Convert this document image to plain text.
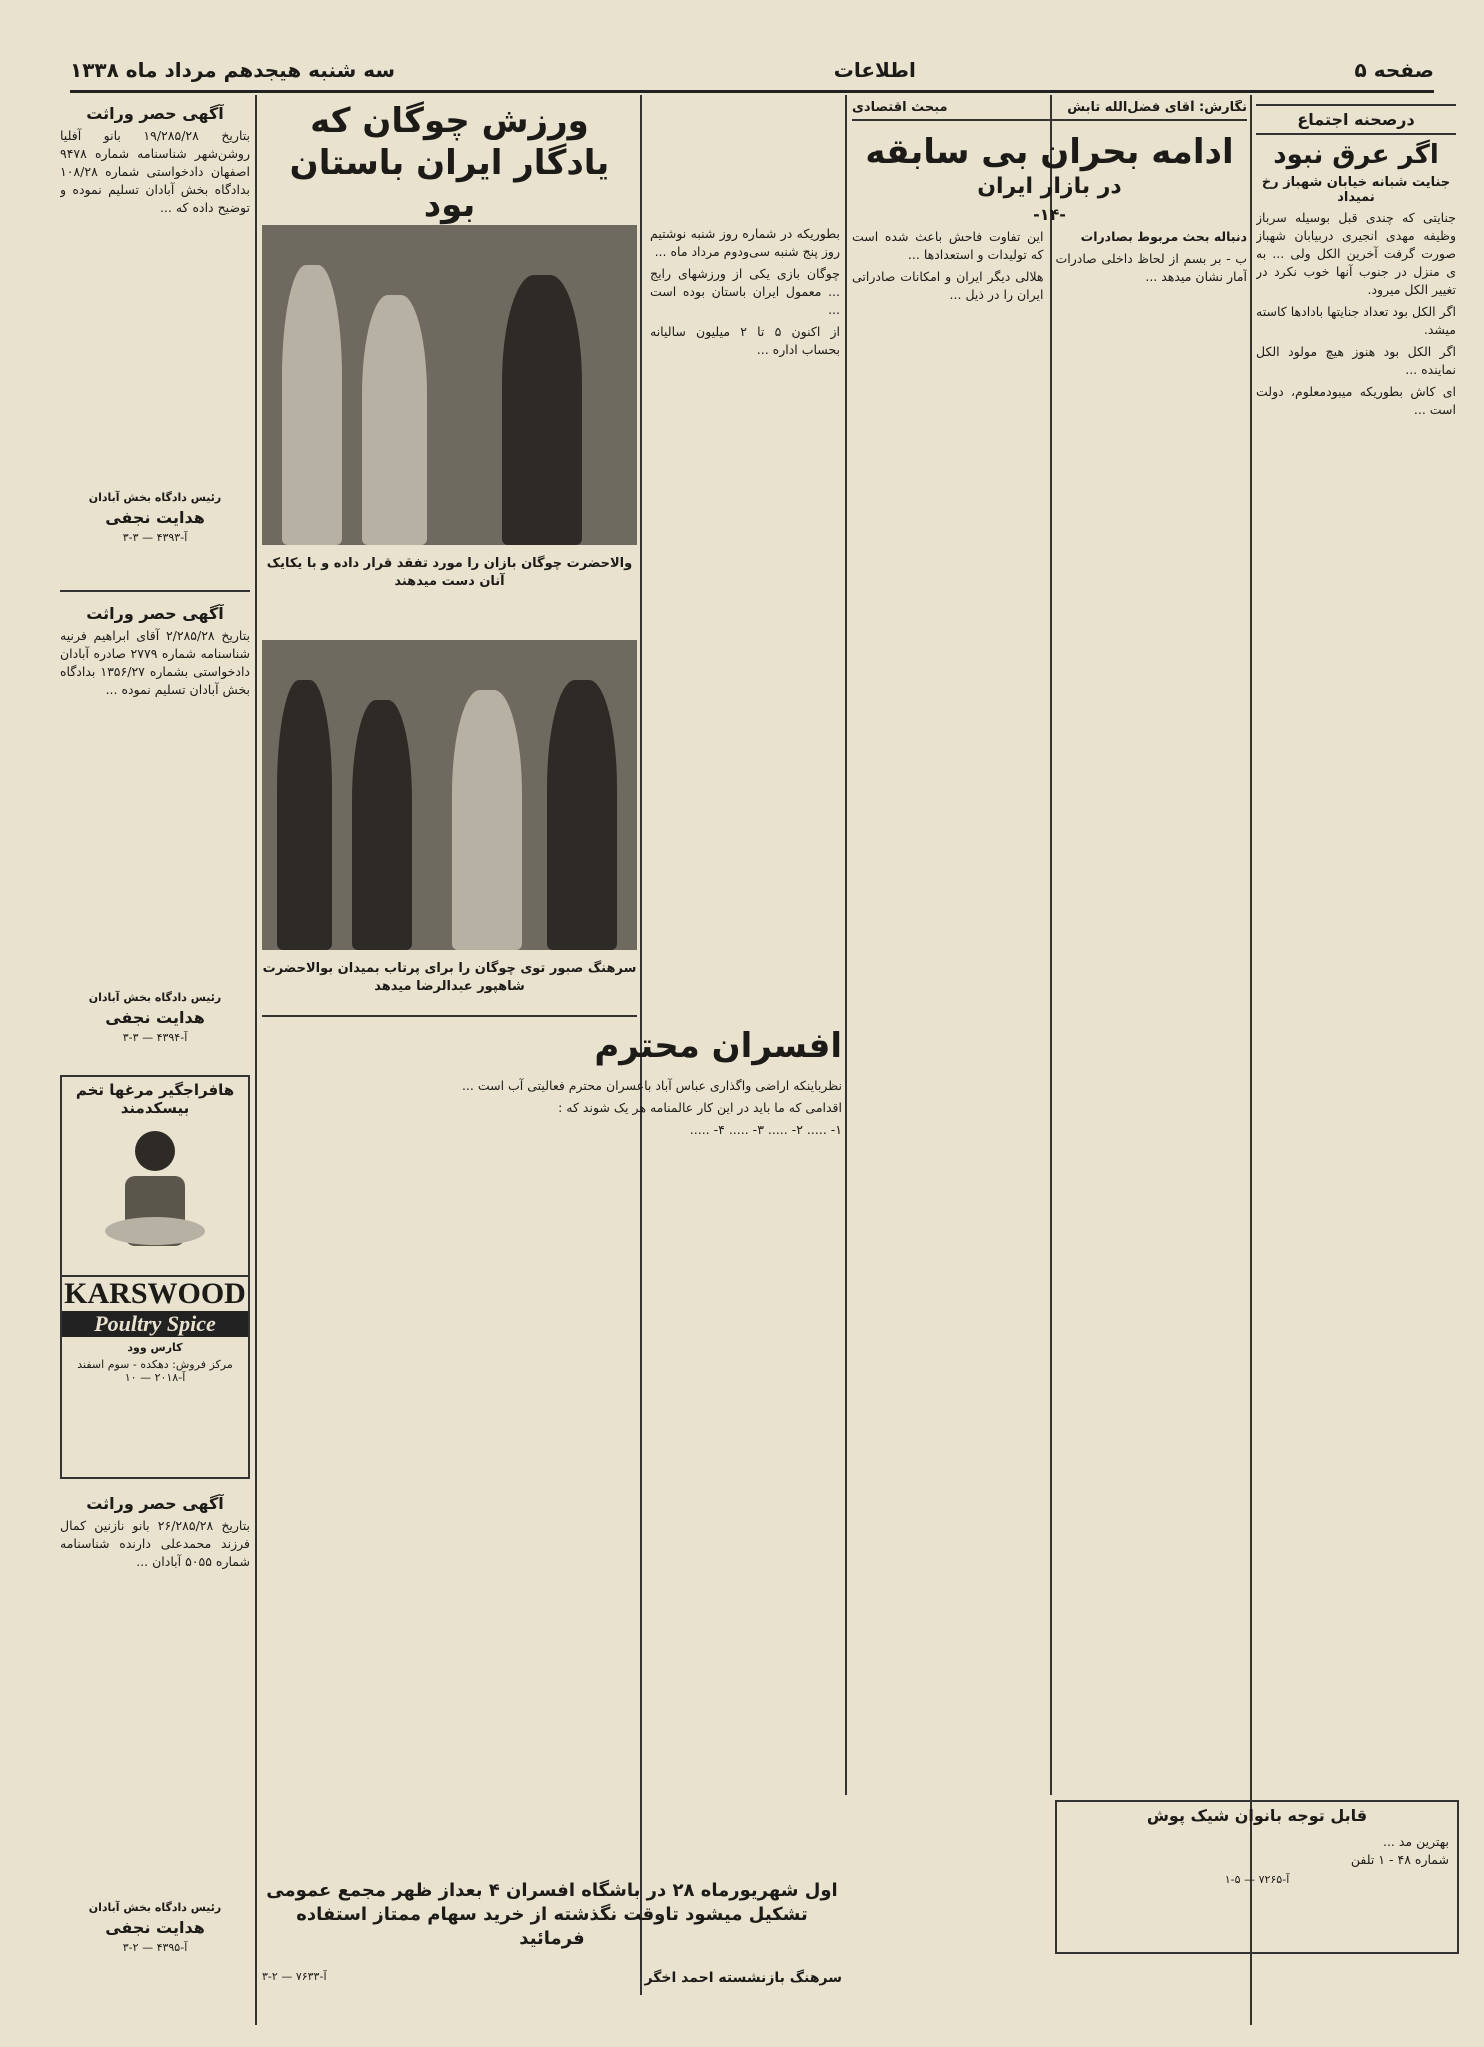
صفحه ۵
اطلاعات
سه شنبه هیجدهم مرداد ماه ۱۳۳۸
درصحنه اجتماع
اگر عرق نبود
جنایت شبانه خیابان شهباز رخ نمیداد

جنایتی که چندی قبل بوسیله سرباز وظیفه مهدی انجیری دربیابان شهباز صورت گرفت آخرین الکل ولی ... به ی منزل در جنوب آنها خوب نکرد در تغییر الکل میرود.

اگر الکل بود تعداد جنایتها بادادها کاسته میشد.

اگر الکل بود هنوز هیچ مولود الکل نماینده ...

ای کاش بطوریکه میبودمعلوم، دولت است ...

نگارش: آقای فضل‌الله تابش
مبحث اقتصادی
ادامه بحران بی سابقه
در بازار ایران
-۱۴-

دنباله بحث مربوط بصادرات

ب - بر بسم از لحاظ داخلی صادرات آمار نشان میدهد ...

این تفاوت فاحش باعث شده است که تولیدات و استعدادها ...

هلالی دیگر ایران و امکانات صادراتی ایران را در ذیل ...

ورزش چوگان که یادگار ایران باستان بود
والاحضرت چوگان بازان را مورد تفقد قرار داده و با یکایک آنان دست میدهند
سرهنگ صبور توی چوگان را برای پرتاب بمیدان بوالاحضرت شاهپور عبدالرضا میدهد

بطوریکه در شماره روز شنبه نوشتیم روز پنج شنبه سی‌ودوم مرداد ماه ...

چوگان بازی یکی از ورزشهای رایج ... معمول ایران باستان بوده است ...

از اکنون ۵ تا ۲ میلیون سالیانه بحساب اداره ...

افسران محترم

نظرباینکه اراضی واگذاری عباس آباد باعسران محترم فعالیتی آب است ...

اقدامی که ما باید در این کار عالمنامه هر یک شوند که :

۱- ..... ۲- ..... ۳- ..... ۴- .....

اول شهریورماه ۲۸ در باشگاه افسران ۴ بعداز ظهر مجمع عمومی تشکیل میشود تاوقت نگذشته از خرید سهام ممتاز استفاده فرمائید
سرهنگ بازنشسته احمد اخگر
آ-۷۶۳۳ — ۲-۳
آگهی حصر وراثت
بتاریخ ۱۹/۲۸۵/۲۸ بانو آفلیا روشن‌شهر شناسنامه شماره ۹۴۷۸ اصفهان دادخواستی شماره ۱۰۸/۲۸ بدادگاه بخش آبادان تسلیم نموده و توضیح داده که ...
رئیس دادگاه بخش آبادان
هدایت نجفی
آ-۴۳۹۳ — ۳-۳
آگهی حصر وراثت
بتاریخ ۲/۲۸۵/۲۸ آقای ابراهیم فرنیه شناسنامه شماره ۲۷۷۹ صادره آبادان دادخواستی بشماره ۱۳۵۶/۲۷ بدادگاه بخش آبادان تسلیم نموده ...
رئیس دادگاه بخش آبادان
هدایت نجفی
آ-۴۳۹۴ — ۳-۳
هافراجگیر مرغها تخم بیسکدمند
KARSWOOD
Poultry Spice
کارس وود
مرکز فروش: دهکده - سوم اسفند
آ-۲۰۱۸ — ۱۰
آگهی حصر وراثت
بتاریخ ۲۶/۲۸۵/۲۸ بانو نازنین کمال فرزند محمدعلی دارنده شناسنامه شماره ۵۰۵۵ آبادان ...
رئیس دادگاه بخش آبادان
هدایت نجفی
آ-۴۳۹۵ — ۲-۳
قابل توجه بانوان شیک پوش
بهترین مد ...
شماره ۴۸ - ۱ تلفن
آ-۷۲۶۵ — ۵-۱
